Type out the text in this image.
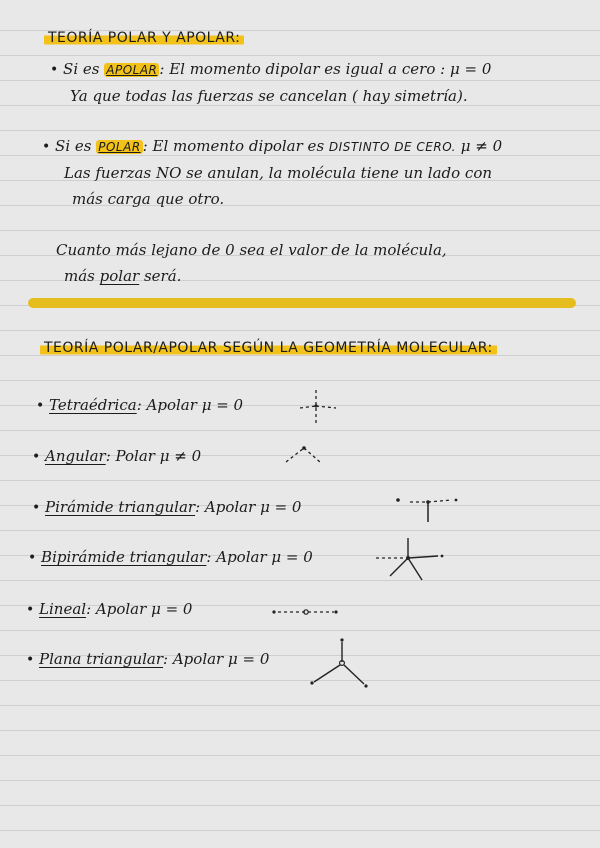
TEORÍA POLAR Y APOLAR:
• Si es APOLAR : El momento dipolar es igual a cero : μ = 0
Ya que todas las fuerzas se cancelan ( hay simetría).
• Si es POLAR : El momento dipolar es DISTINTO DE CERO. μ ≠ 0
Las fuerzas NO se anulan, la molécula tiene un lado con
más carga que otro.
Cuanto más lejano de 0 sea el valor de la molécula,
más polar será.
TEORÍA POLAR/APOLAR SEGÚN LA GEOMETRÍA MOLECULAR:
• Tetraédrica: Apolar μ = 0
• Angular: Polar μ ≠ 0
• Pirámide triangular: Apolar μ = 0
• Bipirámide triangular: Apolar μ = 0
• Lineal: Apolar μ = 0
• Plana triangular: Apolar μ = 0
